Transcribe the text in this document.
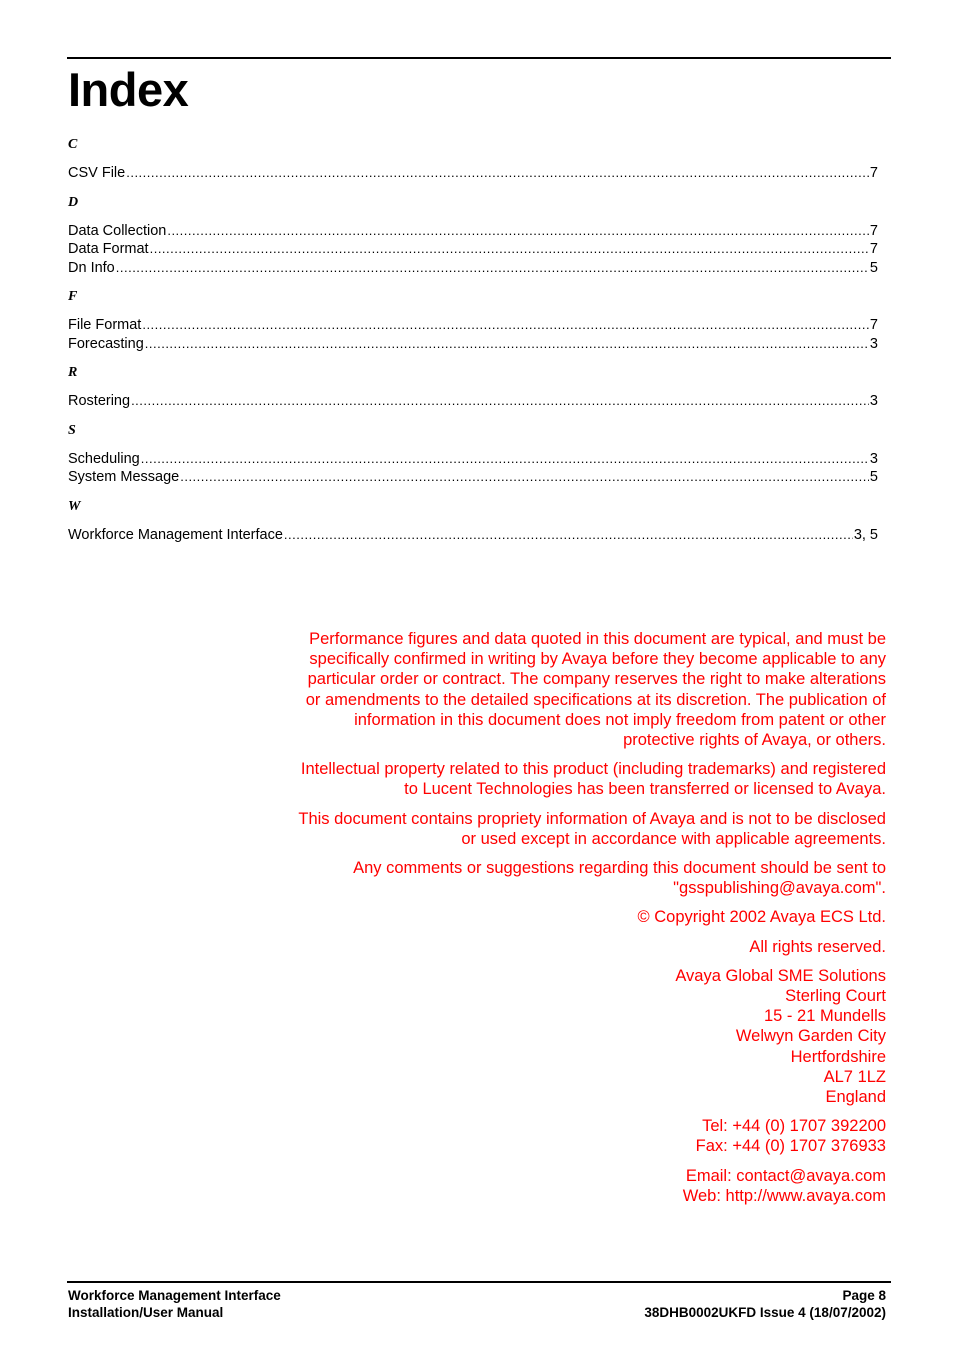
Index
C
CSV File .....	7
D
Data Collection .....	7
Data Format .....	7
Dn Info .....	5
F
File Format .....	7
Forecasting .....	3
R
Rostering .....	3
S
Scheduling .....	3
System Message .....	5
W
Workforce Management Interface .....	3, 5

Performance figures and data quoted in this document are typical, and must be specifically confirmed in writing by Avaya before they become applicable to any particular order or contract. The company reserves the right to make alterations or amendments to the detailed specifications at its discretion. The publication of information in this document does not imply freedom from patent or other protective rights of Avaya, or others.

Intellectual property related to this product (including trademarks) and registered to Lucent Technologies has been transferred or licensed to Avaya.

This document contains propriety information of Avaya and is not to be disclosed or used except in accordance with applicable agreements.

Any comments or suggestions regarding this document should be sent to "gsspublishing@avaya.com".

© Copyright 2002 Avaya ECS Ltd.

All rights reserved.

Avaya Global SME Solutions
Sterling Court
15 - 21 Mundells
Welwyn Garden City
Hertfordshire
AL7 1LZ
England

Tel: +44 (0) 1707 392200
Fax: +44 (0) 1707 376933

Email: contact@avaya.com
Web: http://www.avaya.com

Workforce Management Interface	Page 8
Installation/User Manual	38DHB0002UKFD Issue 4 (18/07/2002)
